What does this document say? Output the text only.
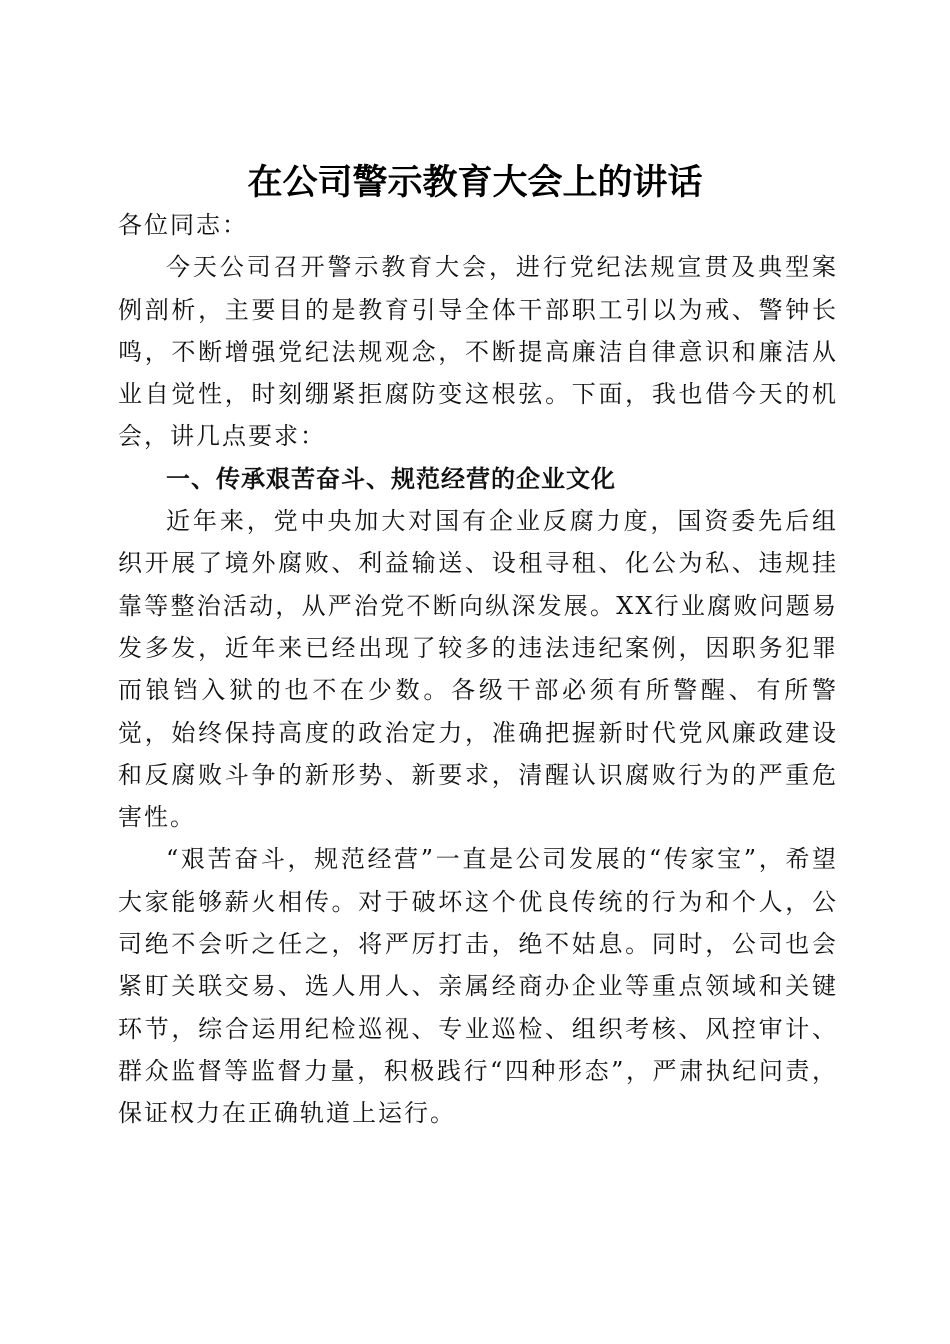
在公司警示教育大会上的讲话

各位同志：

今天公司召开警示教育大会，进行党纪法规宣贯及典型案例剖析，主要目的是教育引导全体干部职工引以为戒、警钟长鸣，不断增强党纪法规观念，不断提高廉洁自律意识和廉洁从业自觉性，时刻绷紧拒腐防变这根弦。下面，我也借今天的机会，讲几点要求：

一、传承艰苦奋斗、规范经营的企业文化

近年来，党中央加大对国有企业反腐力度，国资委先后组织开展了境外腐败、利益输送、设租寻租、化公为私、违规挂靠等整治活动，从严治党不断向纵深发展。XX行业腐败问题易发多发，近年来已经出现了较多的违法违纪案例，因职务犯罪而锒铛入狱的也不在少数。各级干部必须有所警醒、有所警觉，始终保持高度的政治定力，准确把握新时代党风廉政建设和反腐败斗争的新形势、新要求，清醒认识腐败行为的严重危害性。

“艰苦奋斗，规范经营”一直是公司发展的“传家宝”，希望大家能够薪火相传。对于破坏这个优良传统的行为和个人，公司绝不会听之任之，将严厉打击，绝不姑息。同时，公司也会紧盯关联交易、选人用人、亲属经商办企业等重点领域和关键环节，综合运用纪检巡视、专业巡检、组织考核、风控审计、群众监督等监督力量，积极践行“四种形态”，严肃执纪问责，保证权力在正确轨道上运行。
